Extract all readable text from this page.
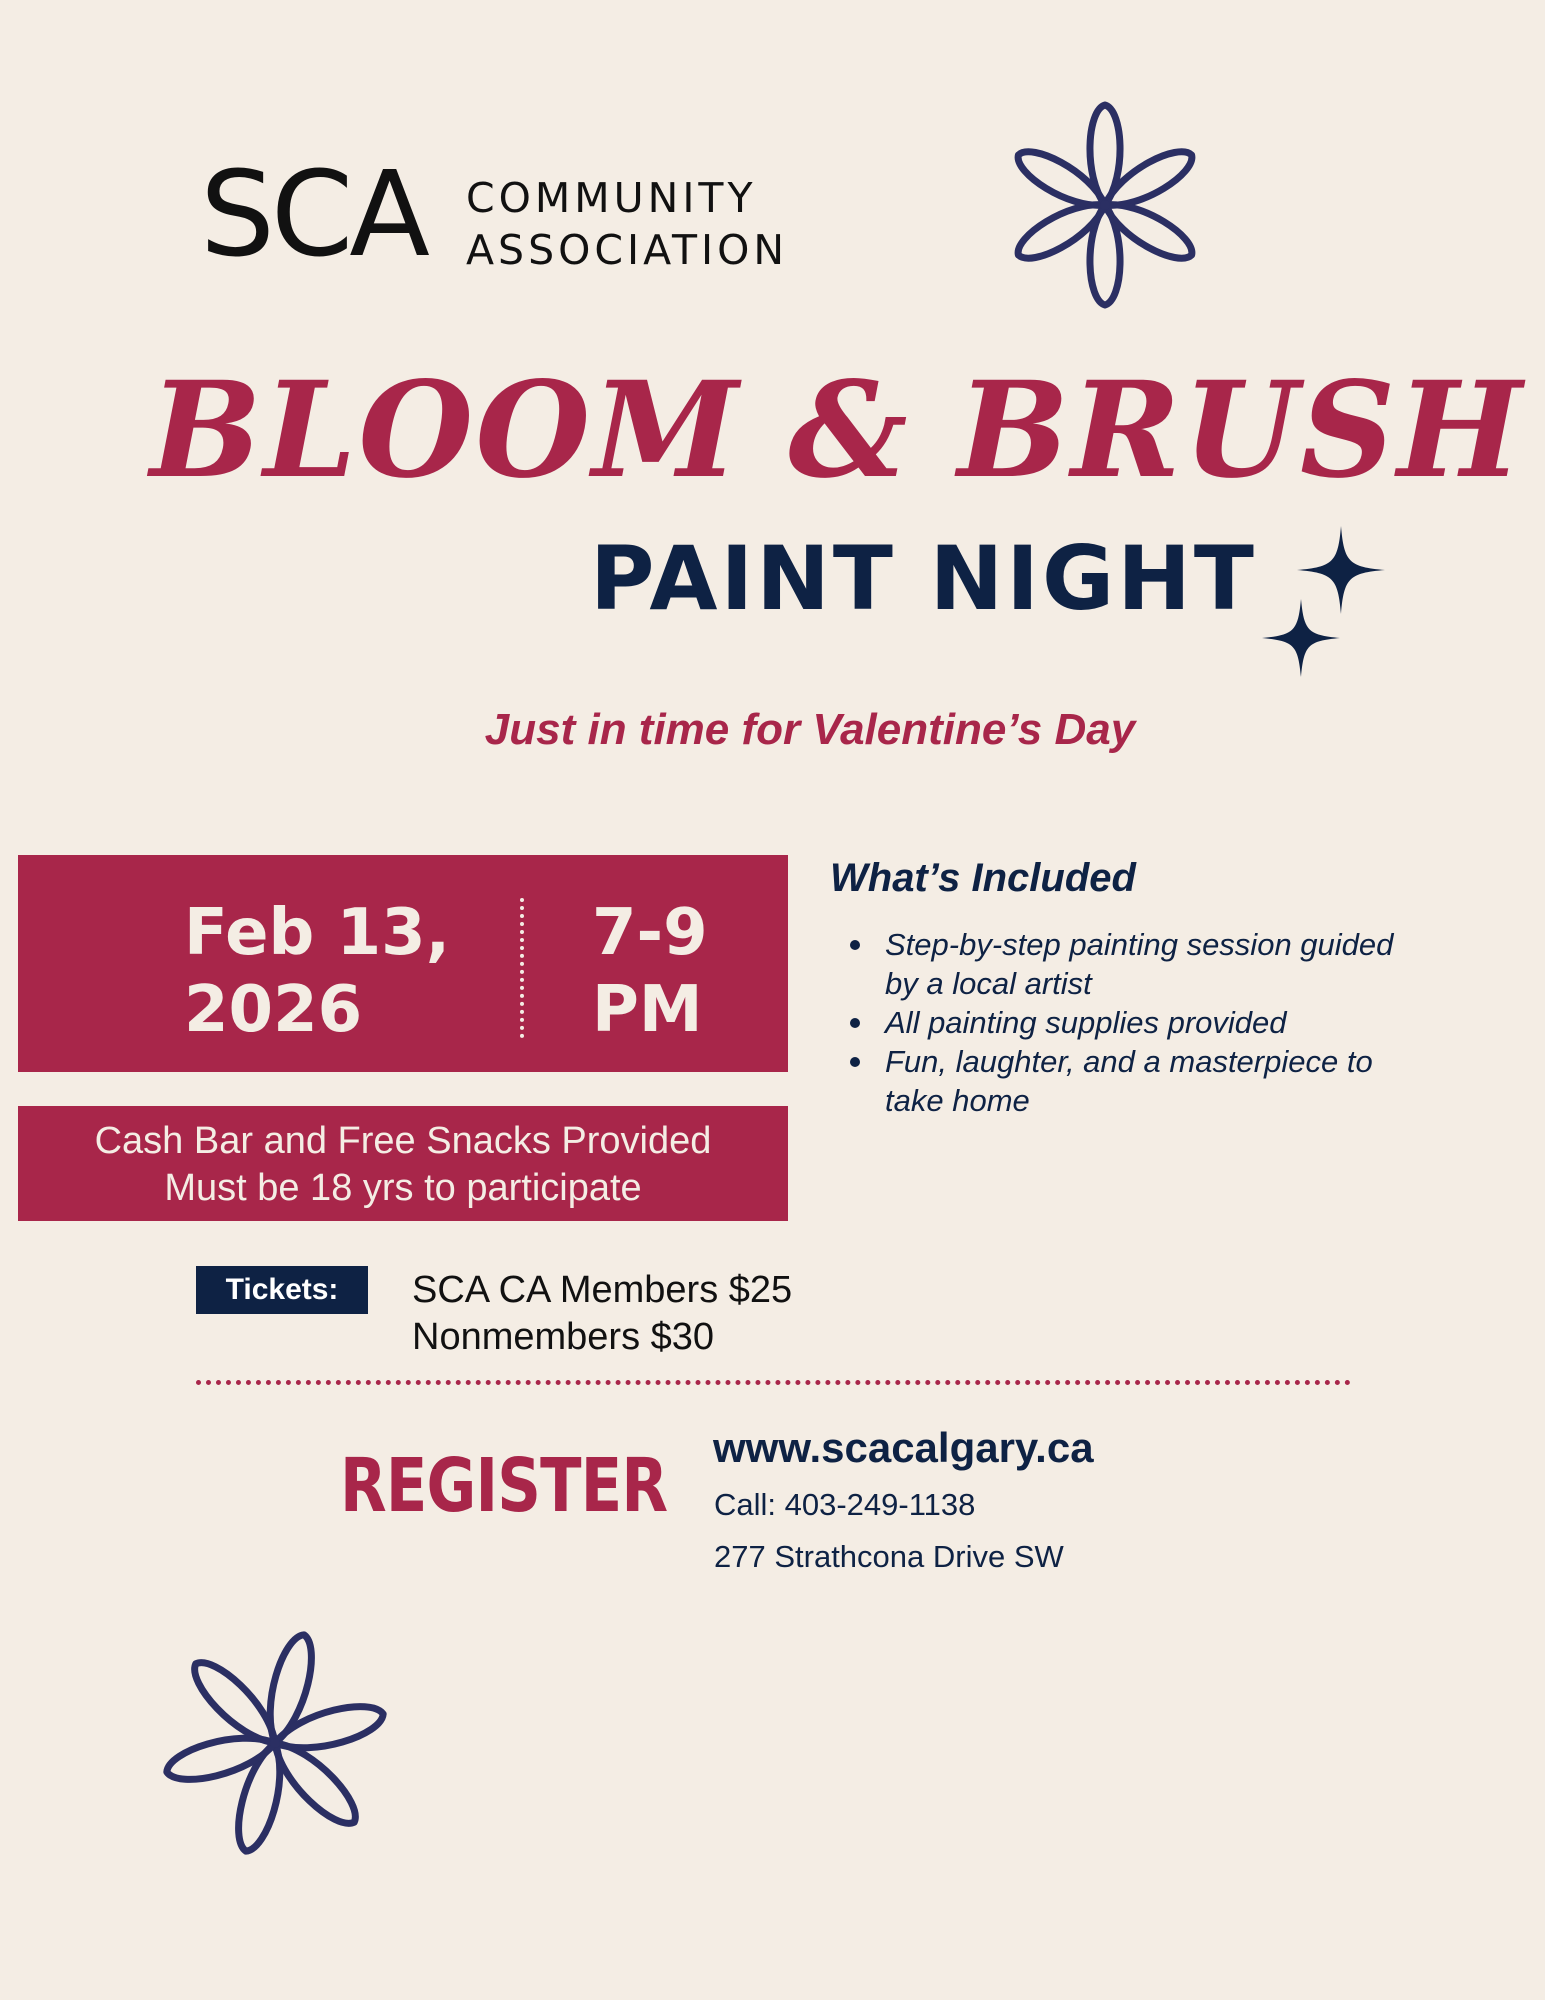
SCA COMMUNITY
ASSOCIATION
BLOOM & BRUSH
PAINT NIGHT
Just in time for Valentine’s Day
Feb 13,
2026
7-9
PM
Cash Bar and Free Snacks Provided
Must be 18 yrs to participate
What’s Included
Step-by-step painting session guided by a local artist
All painting supplies provided
Fun, laughter, and a masterpiece to take home
Tickets:	SCA CA Members $25
Nonmembers $30
REGISTER www.scacalgary.ca
Call: 403-249-1138
277 Strathcona Drive SW
